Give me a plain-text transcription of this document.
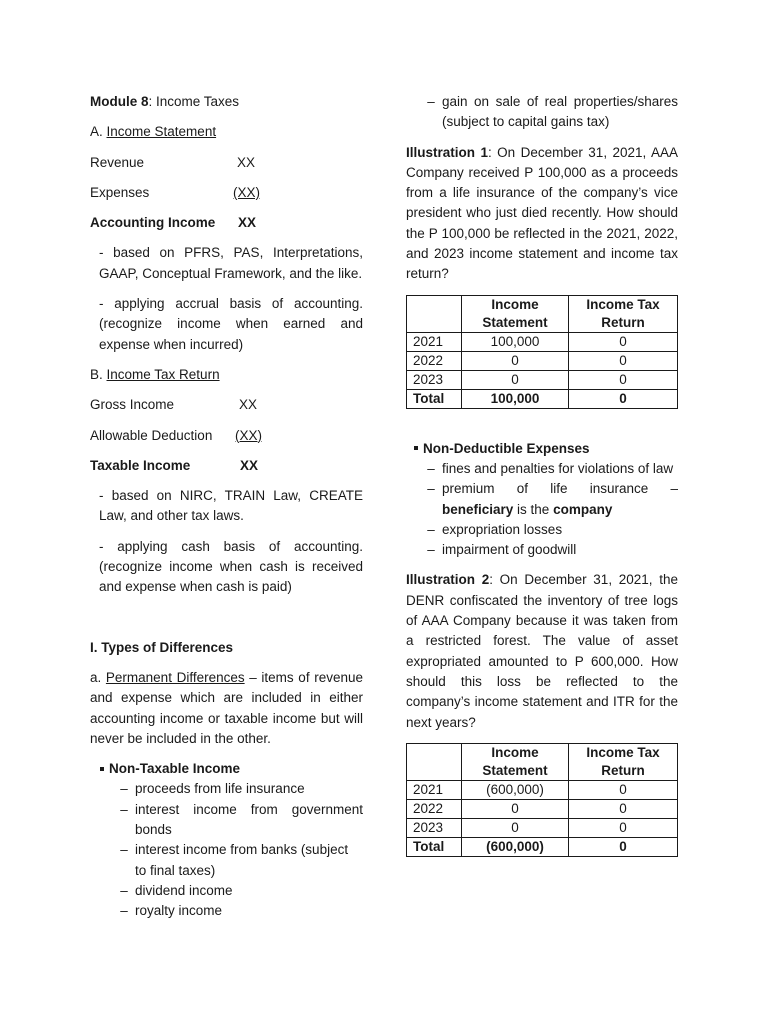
Module 8: Income Taxes

A. Income Statement

Revenue	XX
Expenses	(XX)
Accounting Income	XX

- based on PFRS, PAS, Interpretations, GAAP, Conceptual Framework, and the like.

- applying accrual basis of accounting. (recognize income when earned and expense when incurred)

B. Income Tax Return

Gross Income	XX
Allowable Deduction	(XX)
Taxable Income	XX

- based on NIRC, TRAIN Law, CREATE Law, and other tax laws.

- applying cash basis of accounting. (recognize income when cash is received and expense when cash is paid)

I. Types of Differences

a. Permanent Differences – items of revenue and expense which are included in either accounting income or taxable income but will never be included in the other.

Non-Taxable Income

– proceeds from life insurance
– interest income from government bonds
– interest income from banks (subject to final taxes)
– dividend income
– royalty income
– gain on sale of real properties/shares (subject to capital gains tax)

Illustration 1: On December 31, 2021, AAA Company received P 100,000 as a proceeds from a life insurance of the company’s vice president who just died recently. How should the P 100,000 be reflected in the 2021, 2022, and 2023 income statement and income tax return?

	Income Statement	Income Tax Return
2021	100,000	0
2022	0	0
2023	0	0
Total	100,000	0

Non-Deductible Expenses

– fines and penalties for violations of law
– premium of life insurance – beneficiary is the company
– expropriation losses
– impairment of goodwill

Illustration 2: On December 31, 2021, the DENR confiscated the inventory of tree logs of AAA Company because it was taken from a restricted forest. The value of asset expropriated amounted to P 600,000. How should this loss be reflected to the company’s income statement and ITR for the next years?

	Income Statement	Income Tax Return
2021	(600,000)	0
2022	0	0
2023	0	0
Total	(600,000)	0
